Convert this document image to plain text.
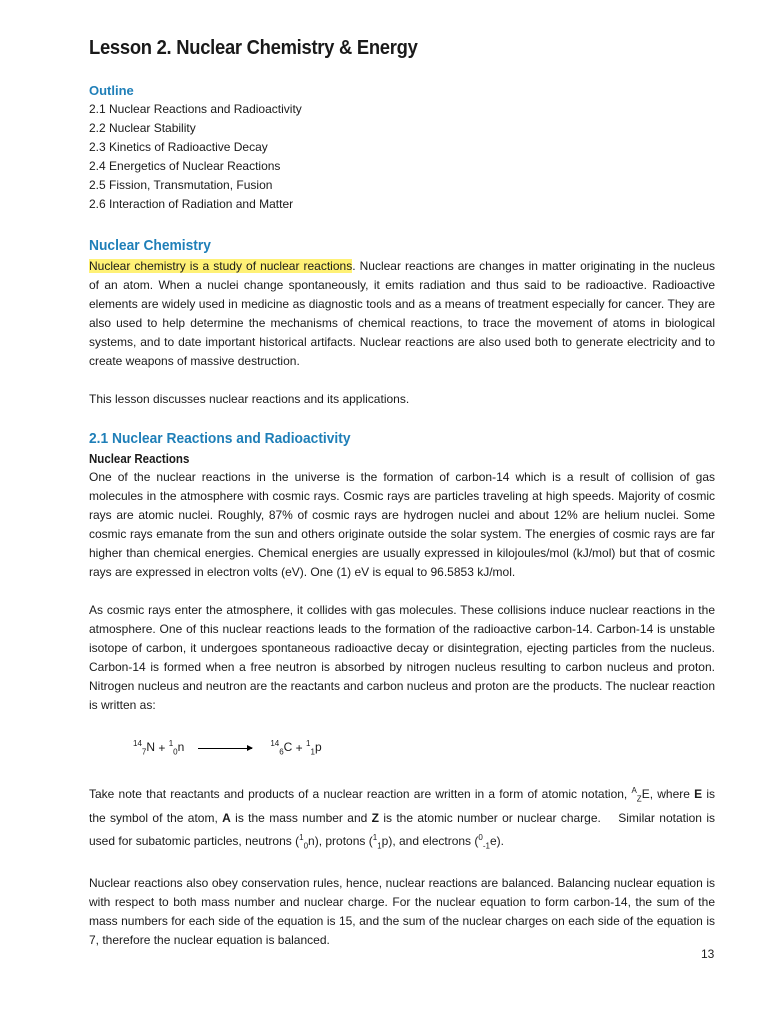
Lesson 2. Nuclear Chemistry & Energy
Outline
2.1 Nuclear Reactions and Radioactivity
2.2 Nuclear Stability
2.3 Kinetics of Radioactive Decay
2.4 Energetics of Nuclear Reactions
2.5 Fission, Transmutation, Fusion
2.6 Interaction of Radiation and Matter
Nuclear Chemistry

Nuclear chemistry is a study of nuclear reactions. Nuclear reactions are changes in matter originating in the nucleus of an atom. When a nuclei change spontaneously, it emits radiation and thus said to be radioactive. Radioactive elements are widely used in medicine as diagnostic tools and as a means of treatment especially for cancer. They are also used to help determine the mechanisms of chemical reactions, to trace the movement of atoms in biological systems, and to date important historical artifacts. Nuclear reactions are also used both to generate electricity and to create weapons of massive destruction.

This lesson discusses nuclear reactions and its applications.

2.1 Nuclear Reactions and Radioactivity
Nuclear Reactions

One of the nuclear reactions in the universe is the formation of carbon-14 which is a result of collision of gas molecules in the atmosphere with cosmic rays. Cosmic rays are particles traveling at high speeds. Majority of cosmic rays are atomic nuclei. Roughly, 87% of cosmic rays are hydrogen nuclei and about 12% are helium nuclei. Some cosmic rays emanate from the sun and others originate outside the solar system. The energies of cosmic rays are far higher than chemical energies. Chemical energies are usually expressed in kilojoules/mol (kJ/mol) but that of cosmic rays are expressed in electron volts (eV). One (1) eV is equal to 96.5853 kJ/mol.

As cosmic rays enter the atmosphere, it collides with gas molecules. These collisions induce nuclear reactions in the atmosphere. One of this nuclear reactions leads to the formation of the radioactive carbon-14. Carbon-14 is unstable isotope of carbon, it undergoes spontaneous radioactive decay or disintegration, ejecting particles from the nucleus. Carbon-14 is formed when a free neutron is absorbed by nitrogen nucleus resulting to carbon nucleus and proton. Nitrogen nucleus and neutron are the reactants and carbon nucleus and proton are the products. The nuclear reaction is written as:

$^{14}_7$N + $^1_0$n	$^{14}_6$C + $^1_1$p

Take note that reactants and products of a nuclear reaction are written in a form of atomic notation, $^A_Z$E, where E is the symbol of the atom, A is the mass number and Z is the atomic number or nuclear charge.    Similar notation is used for subatomic particles, neutrons ($^1_0$n), protons ($^1_1$p), and electrons ($^0_{-1}$e).

Nuclear reactions also obey conservation rules, hence, nuclear reactions are balanced. Balancing nuclear equation is with respect to both mass number and nuclear charge. For the nuclear equation to form carbon-14, the sum of the mass numbers for each side of the equation is 15, and the sum of the nuclear charges on each side of the equation is 7, therefore the nuclear equation is balanced.

13
